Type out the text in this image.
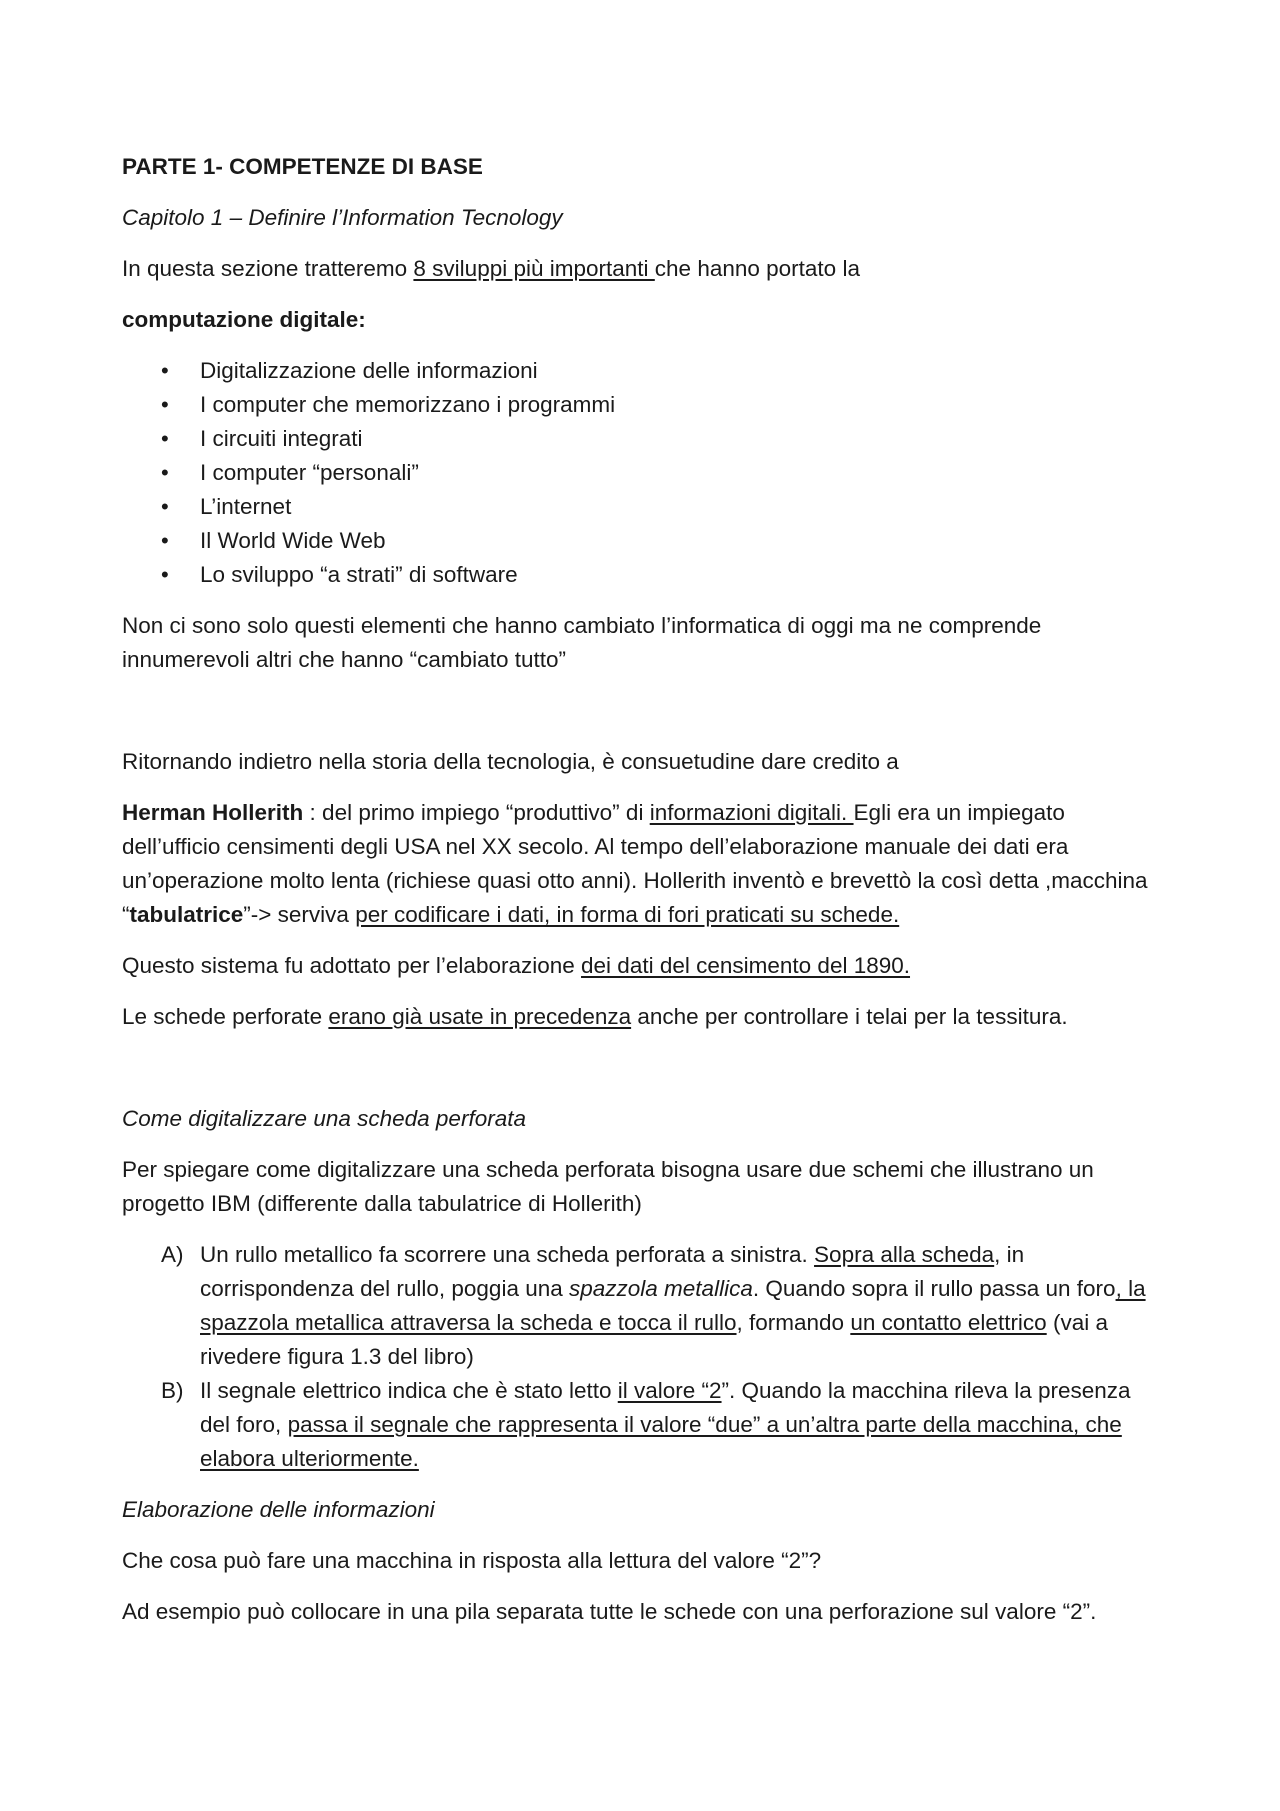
PARTE 1- COMPETENZE DI BASE

Capitolo 1 – Definire l’Information Tecnology

In questa sezione tratteremo 8 sviluppi più importanti che hanno portato la

computazione digitale:

• Digitalizzazione delle informazioni
• I computer che memorizzano i programmi
• I circuiti integrati
• I computer “personali”
• L’internet
• Il World Wide Web
• Lo sviluppo “a strati” di software

Non ci sono solo questi elementi che hanno cambiato l’informatica di oggi ma ne comprende innumerevoli altri che hanno “cambiato tutto”

Ritornando indietro nella storia della tecnologia, è consuetudine dare credito a

Herman Hollerith : del primo impiego “produttivo” di informazioni digitali. Egli era un impiegato dell’ufficio censimenti degli USA nel XX secolo. Al tempo dell’elaborazione manuale dei dati era un’operazione molto lenta (richiese quasi otto anni). Hollerith inventò e brevettò la così detta ,macchina “tabulatrice”-> serviva per codificare i dati, in forma di fori praticati su schede.

Questo sistema fu adottato per l’elaborazione dei dati del censimento del 1890.

Le schede perforate erano già usate in precedenza anche per controllare i telai per la tessitura.

Come digitalizzare una scheda perforata

Per spiegare come digitalizzare una scheda perforata bisogna usare due schemi che illustrano un progetto IBM (differente dalla tabulatrice di Hollerith)

A) Un rullo metallico fa scorrere una scheda perforata a sinistra. Sopra alla scheda, in corrispondenza del rullo, poggia una spazzola metallica. Quando sopra il rullo passa un foro, la spazzola metallica attraversa la scheda e tocca il rullo, formando un contatto elettrico (vai a rivedere figura 1.3 del libro)
B) Il segnale elettrico indica che è stato letto il valore “2”. Quando la macchina rileva la presenza del foro, passa il segnale che rappresenta il valore “due” a un’altra parte della macchina, che elabora ulteriormente.

Elaborazione delle informazioni

Che cosa può fare una macchina in risposta alla lettura del valore “2”?

Ad esempio può collocare in una pila separata tutte le schede con una perforazione sul valore “2”.
